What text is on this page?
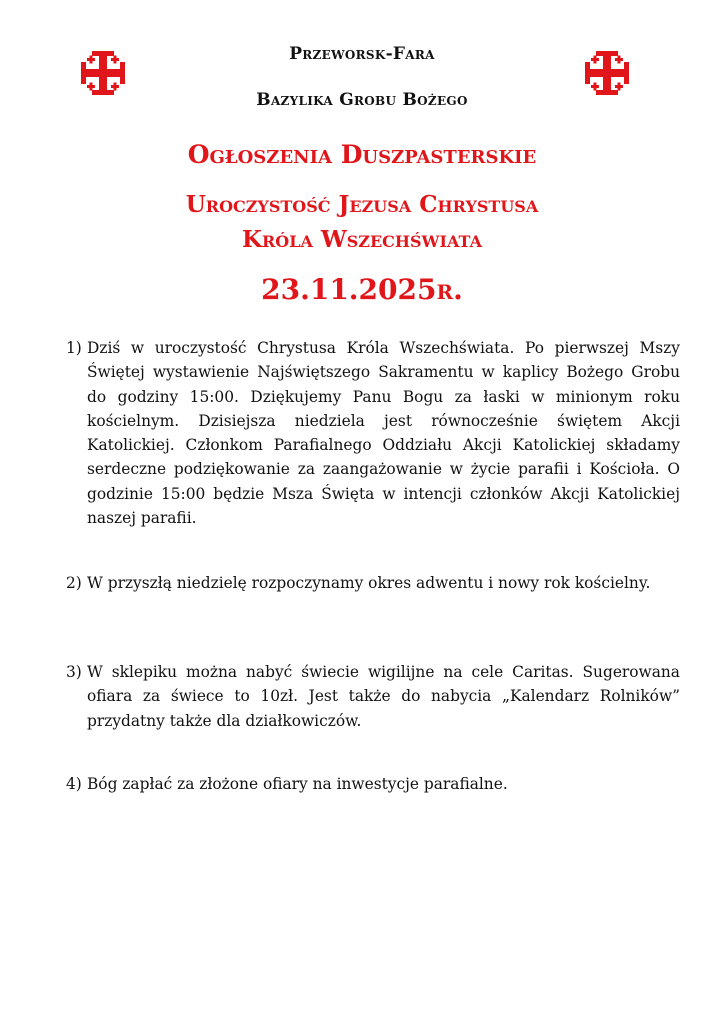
Przeworsk-Fara
Bazylika Grobu Bożego
Ogłoszenia Duszpasterskie
Uroczystość Jezusa Chrystusa
Króla Wszechświata
23.11.2025r.
1) Dziś w uroczystość Chrystusa Króla Wszechświata. Po pierwszej Mszy Świętej wystawienie Najświętszego Sakramentu w kaplicy Bożego Grobu do godziny 15:00. Dziękujemy Panu Bogu za łaski w minionym roku kościelnym. Dzisiejsza niedziela jest równocześnie świętem Akcji Katolickiej. Członkom Parafialnego Oddziału Akcji Katolickiej składamy serdeczne podziękowanie za zaangażowanie w życie parafii i Kościoła. O godzinie 15:00 będzie Msza Święta w intencji członków Akcji Katolickiej naszej parafii.
2) W przyszłą niedzielę rozpoczynamy okres adwentu i nowy rok kościelny.
3) W sklepiku można nabyć świecie wigilijne na cele Caritas. Sugerowana ofiara za świece to 10zł. Jest także do nabycia „Kalendarz Rolników” przydatny także dla działkowiczów.
4) Bóg zapłać za złożone ofiary na inwestycje parafialne.
